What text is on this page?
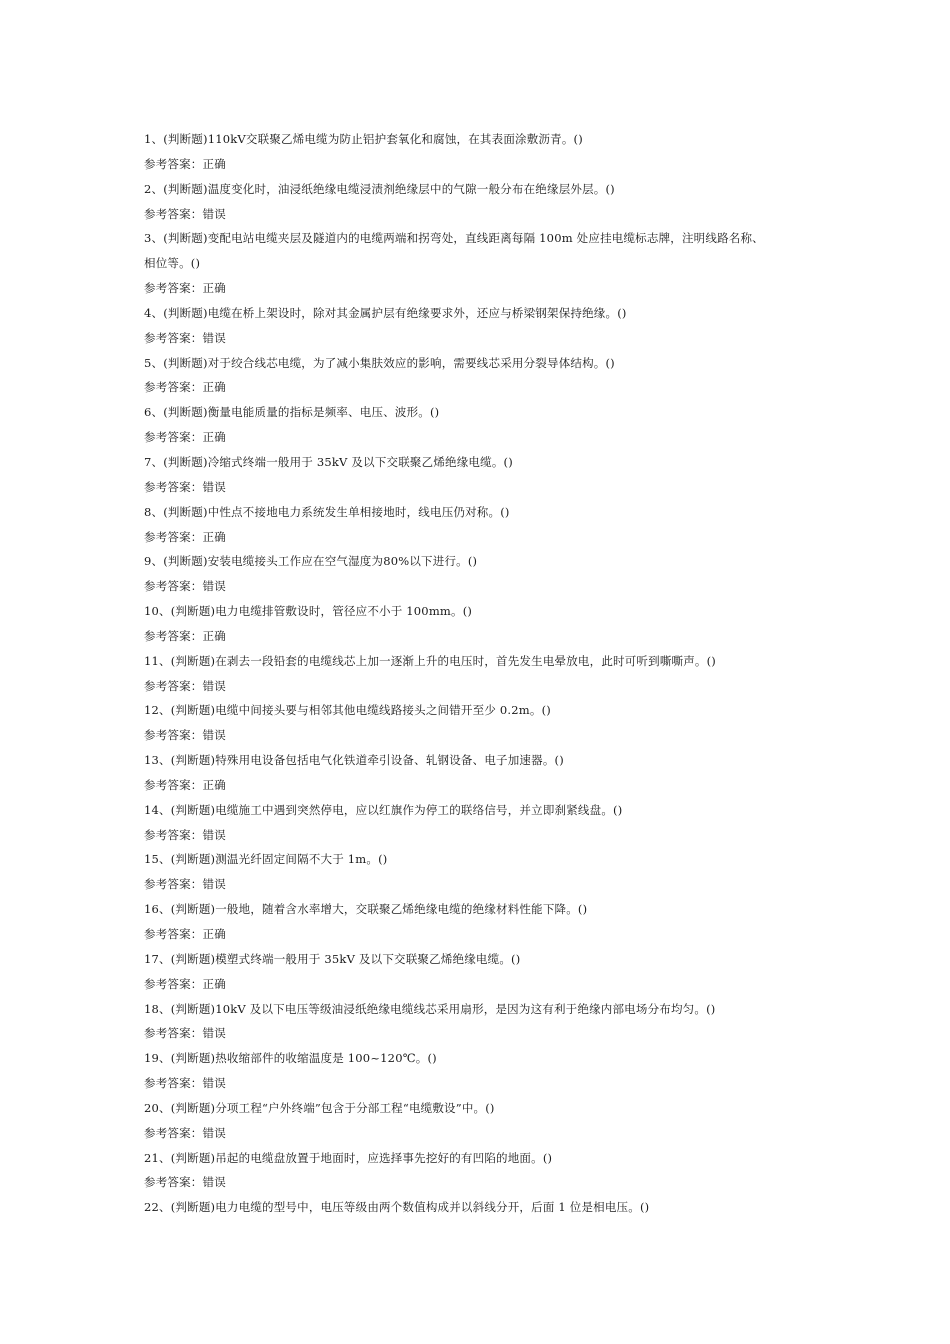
1、(判断题)110kV交联聚乙烯电缆为防止铝护套氧化和腐蚀，在其表面涂敷沥青。()
参考答案：正确
2、(判断题)温度变化时，油浸纸绝缘电缆浸渍剂绝缘层中的气隙一般分布在绝缘层外层。()
参考答案：错误
3、(判断题)变配电站电缆夹层及隧道内的电缆两端和拐弯处，直线距离每隔 100m 处应挂电缆标志牌，注明线路名称、
相位等。()
参考答案：正确
4、(判断题)电缆在桥上架设时，除对其金属护层有绝缘要求外，还应与桥梁钢架保持绝缘。()
参考答案：错误
5、(判断题)对于绞合线芯电缆，为了减小集肤效应的影响，需要线芯采用分裂导体结构。()
参考答案：正确
6、(判断题)衡量电能质量的指标是频率、电压、波形。()
参考答案：正确
7、(判断题)冷缩式终端一般用于 35kV 及以下交联聚乙烯绝缘电缆。()
参考答案：错误
8、(判断题)中性点不接地电力系统发生单相接地时，线电压仍对称。()
参考答案：正确
9、(判断题)安装电缆接头工作应在空气湿度为80%以下进行。()
参考答案：错误
10、(判断题)电力电缆排管敷设时，管径应不小于 100mm。()
参考答案：正确
11、(判断题)在剥去一段铅套的电缆线芯上加一逐渐上升的电压时，首先发生电晕放电，此时可听到嘶嘶声。()
参考答案：错误
12、(判断题)电缆中间接头要与相邻其他电缆线路接头之间错开至少 0.2m。()
参考答案：错误
13、(判断题)特殊用电设备包括电气化铁道牵引设备、轧钢设备、电子加速器。()
参考答案：正确
14、(判断题)电缆施工中遇到突然停电，应以红旗作为停工的联络信号，并立即刹紧线盘。()
参考答案：错误
15、(判断题)测温光纤固定间隔不大于 1m。()
参考答案：错误
16、(判断题)一般地，随着含水率增大，交联聚乙烯绝缘电缆的绝缘材料性能下降。()
参考答案：正确
17、(判断题)模塑式终端一般用于 35kV 及以下交联聚乙烯绝缘电缆。()
参考答案：正确
18、(判断题)10kV 及以下电压等级油浸纸绝缘电缆线芯采用扇形，是因为这有利于绝缘内部电场分布均匀。()
参考答案：错误
19、(判断题)热收缩部件的收缩温度是 100~120℃。()
参考答案：错误
20、(判断题)分项工程“户外终端”包含于分部工程“电缆敷设”中。()
参考答案：错误
21、(判断题)吊起的电缆盘放置于地面时，应选择事先挖好的有凹陷的地面。()
参考答案：错误
22、(判断题)电力电缆的型号中，电压等级由两个数值构成并以斜线分开，后面 1 位是相电压。()
